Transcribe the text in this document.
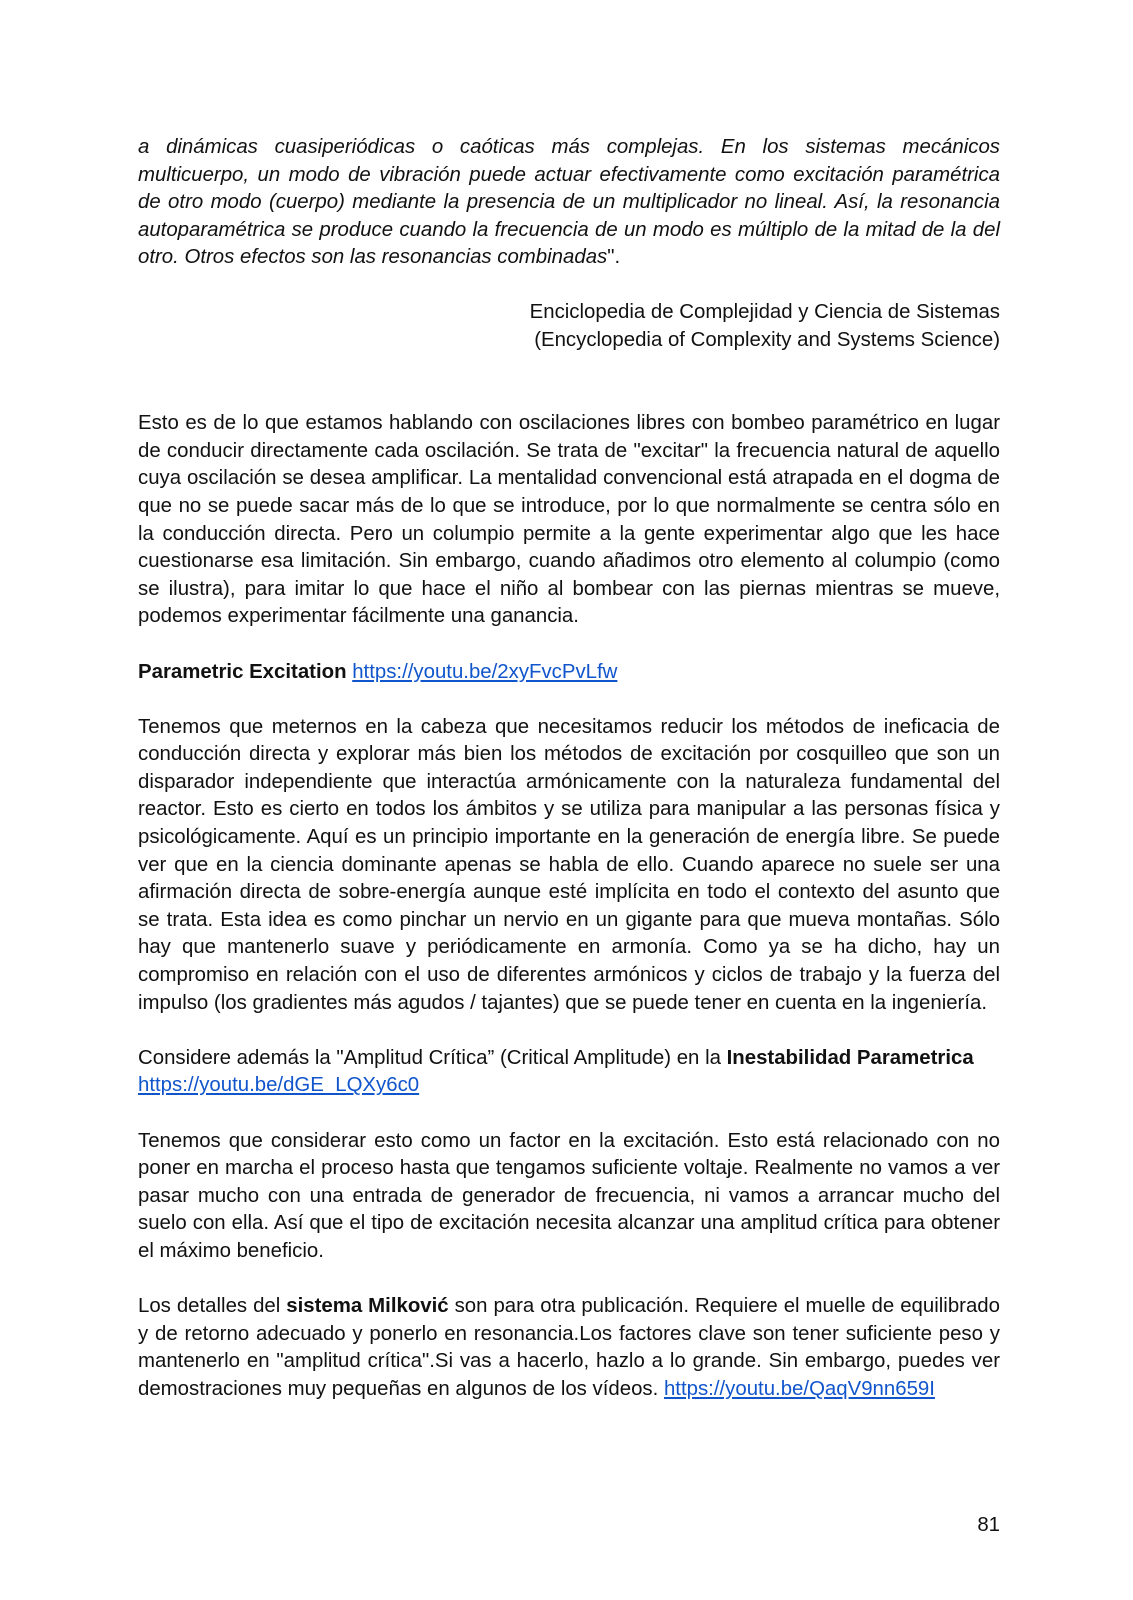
a dinámicas cuasiperiódicas o caóticas más complejas. En los sistemas mecánicos multicuerpo, un modo de vibración puede actuar efectivamente como excitación paramétrica de otro modo (cuerpo) mediante la presencia de un multiplicador no lineal. Así, la resonancia autoparamétrica se produce cuando la frecuencia de un modo es múltiplo de la mitad de la del otro. Otros efectos son las resonancias combinadas".

Enciclopedia de Complejidad y Ciencia de Sistemas
(Encyclopedia of Complexity and Systems Science)

Esto es de lo que estamos hablando con oscilaciones libres con bombeo paramétrico en lugar de conducir directamente cada oscilación. Se trata de "excitar" la frecuencia natural de aquello cuya oscilación se desea amplificar. La mentalidad convencional está atrapada en el dogma de que no se puede sacar más de lo que se introduce, por lo que normalmente se centra sólo en la conducción directa. Pero un columpio permite a la gente experimentar algo que les hace cuestionarse esa limitación. Sin embargo, cuando añadimos otro elemento al columpio (como se ilustra), para imitar lo que hace el niño al bombear con las piernas mientras se mueve, podemos experimentar fácilmente una ganancia.

Parametric Excitation https://youtu.be/2xyFvcPvLfw

Tenemos que meternos en la cabeza que necesitamos reducir los métodos de ineficacia de conducción directa y explorar más bien los métodos de excitación por cosquilleo que son un disparador independiente que interactúa armónicamente con la naturaleza fundamental del reactor. Esto es cierto en todos los ámbitos y se utiliza para manipular a las personas física y psicológicamente. Aquí es un principio importante en la generación de energía libre. Se puede ver que en la ciencia dominante apenas se habla de ello. Cuando aparece no suele ser una afirmación directa de sobre-energía aunque esté implícita en todo el contexto del asunto que se trata. Esta idea es como pinchar un nervio en un gigante para que mueva montañas. Sólo hay que mantenerlo suave y periódicamente en armonía. Como ya se ha dicho, hay un compromiso en relación con el uso de diferentes armónicos y ciclos de trabajo y la fuerza del impulso (los gradientes más agudos / tajantes) que se puede tener en cuenta en la ingeniería.

Considere además la "Amplitud Crítica” (Critical Amplitude) en la Inestabilidad Parametrica
https://youtu.be/dGE_LQXy6c0

Tenemos que considerar esto como un factor en la excitación. Esto está relacionado con no poner en marcha el proceso hasta que tengamos suficiente voltaje. Realmente no vamos a ver pasar mucho con una entrada de generador de frecuencia, ni vamos a arrancar mucho del suelo con ella. Así que el tipo de excitación necesita alcanzar una amplitud crítica para obtener el máximo beneficio.

Los detalles del sistema Milković son para otra publicación. Requiere el muelle de equilibrado y de retorno adecuado y ponerlo en resonancia.Los factores clave son tener suficiente peso y mantenerlo en "amplitud crítica".Si vas a hacerlo, hazlo a lo grande. Sin embargo, puedes ver demostraciones muy pequeñas en algunos de los vídeos. https://youtu.be/QaqV9nn659I

81
